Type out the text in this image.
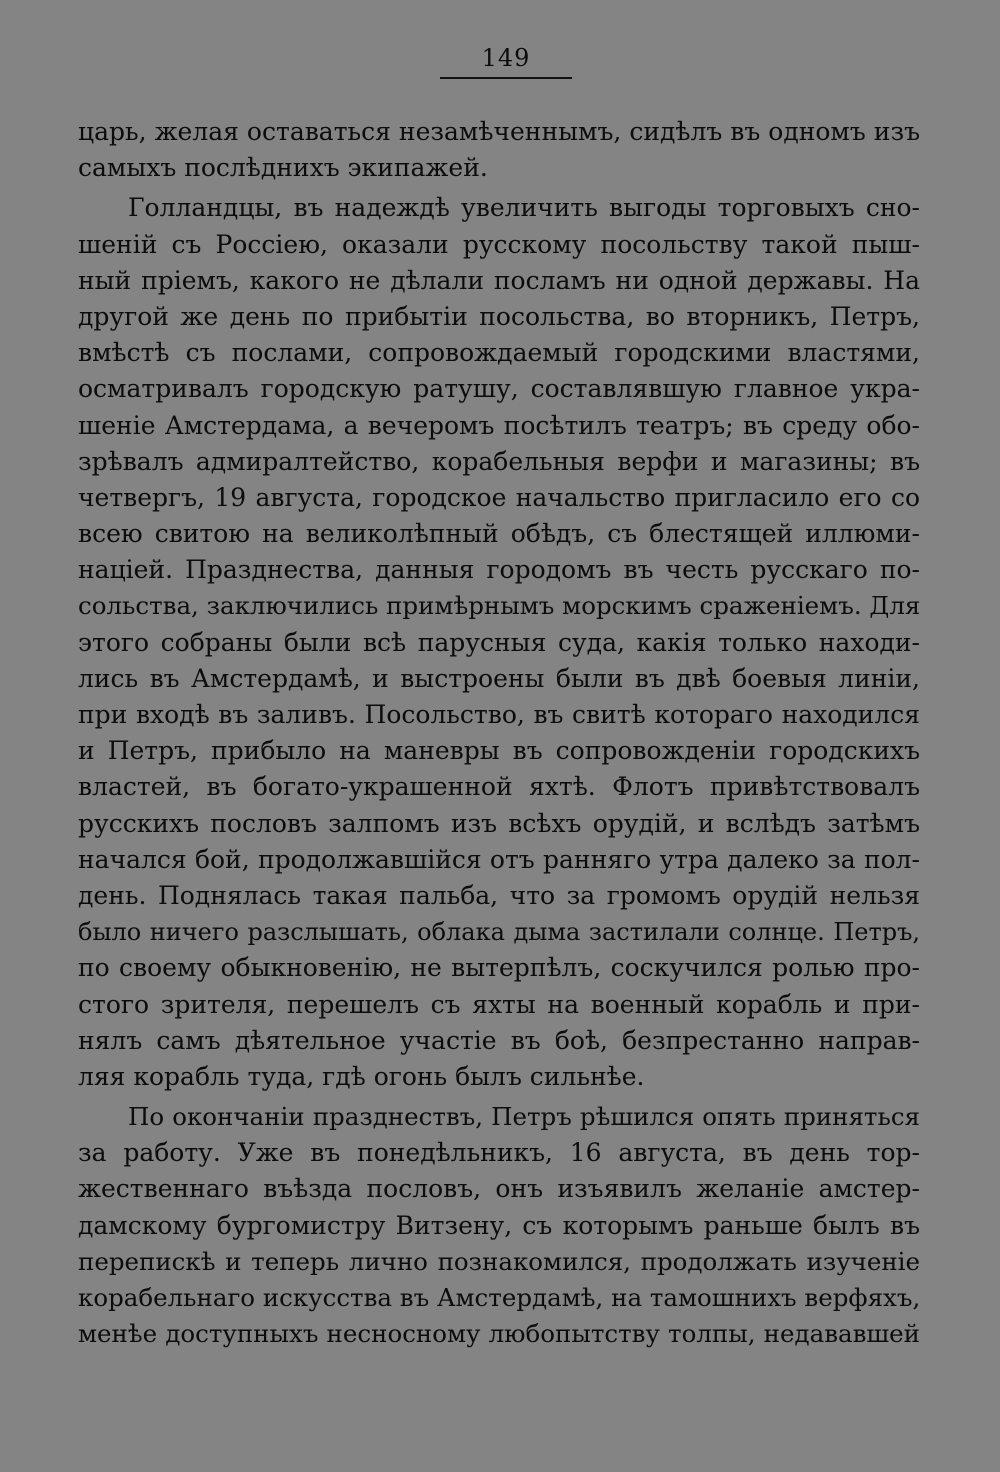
149
царь, желая оставаться незамѣченнымъ, сидѣлъ въ одномъ изъ
самыхъ послѣднихъ экипажей.
Голландцы, въ надеждѣ увеличить выгоды торговыхъ сно-
шеній съ Россіею, оказали русскому посольству такой пыш-
ный пріемъ, какого не дѣлали посламъ ни одной державы. На
другой же день по прибытіи посольства, во вторникъ, Петръ,
вмѣстѣ съ послами, сопровождаемый городскими властями,
осматривалъ городскую ратушу, составлявшую главное укра-
шеніе Амстердама, а вечеромъ посѣтилъ театръ; въ среду обо-
зрѣвалъ адмиралтейство, корабельныя верфи и магазины; въ
четвергъ, 19 августа, городское начальство пригласило его со
всею свитою на великолѣпный обѣдъ, съ блестящей иллюми-
націей. Празднества, данныя городомъ въ честь русскаго по-
сольства, заключились примѣрнымъ морскимъ сраженіемъ. Для
этого собраны были всѣ парусныя суда, какія только находи-
лись въ Амстердамѣ, и выстроены были въ двѣ боевыя линіи,
при входѣ въ заливъ. Посольство, въ свитѣ котораго находился
и Петръ, прибыло на маневры въ сопровожденіи городскихъ
властей, въ богато-украшенной яхтѣ. Флотъ привѣтствовалъ
русскихъ пословъ залпомъ изъ всѣхъ орудій, и вслѣдъ затѣмъ
начался бой, продолжавшійся отъ ранняго утра далеко за пол-
день. Поднялась такая пальба, что за громомъ орудій нельзя
было ничего разслышать, облака дыма застилали солнце. Петръ,
по своему обыкновенію, не вытерпѣлъ, соскучился ролью про-
стого зрителя, перешелъ съ яхты на военный корабль и при-
нялъ самъ дѣятельное участіе въ боѣ, безпрестанно направ-
ляя корабль туда, гдѣ огонь былъ сильнѣе.
По окончаніи празднествъ, Петръ рѣшился опять приняться
за работу. Уже въ понедѣльникъ, 16 августа, въ день тор-
жественнаго въѣзда пословъ, онъ изъявилъ желаніе амстер-
дамскому бургомистру Витзену, съ которымъ раньше былъ въ
перепискѣ и теперь лично познакомился, продолжать изученіе
корабельнаго искусства въ Амстердамѣ, на тамошнихъ верфяхъ,
менѣе доступныхъ несносному любопытству толпы, недававшей
